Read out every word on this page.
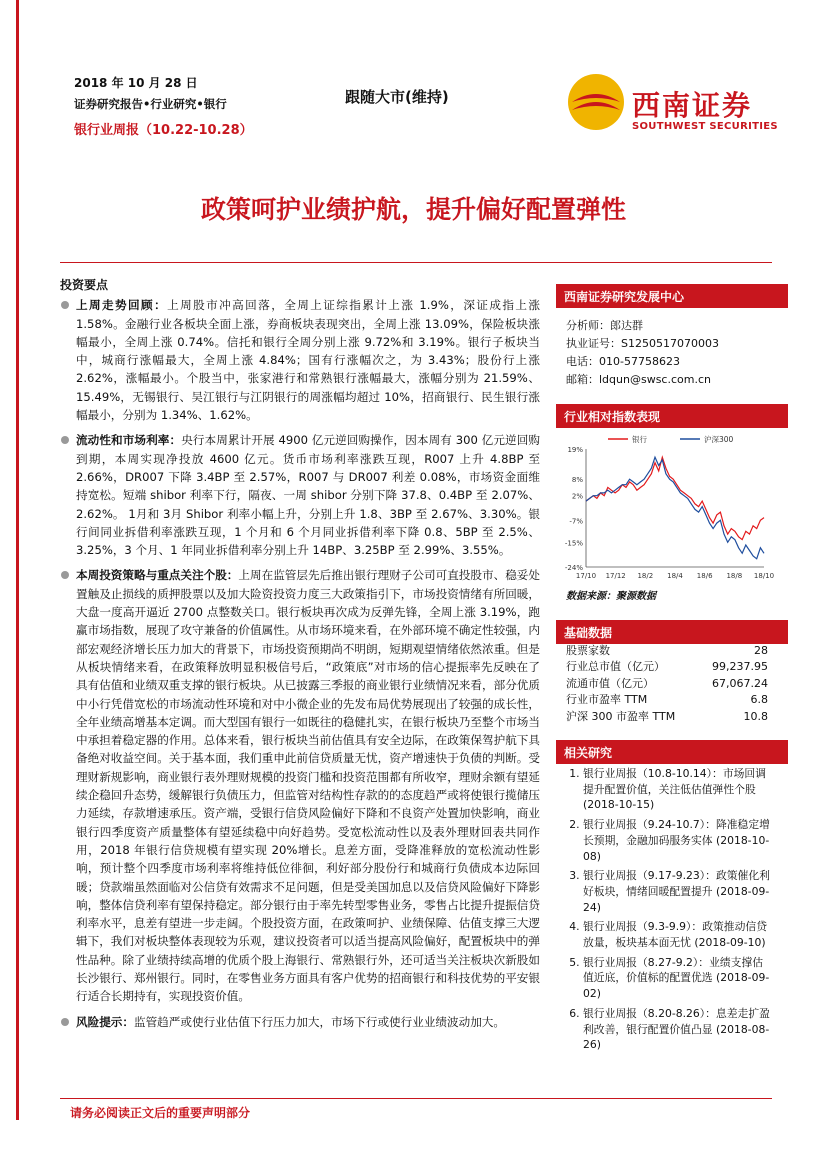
2018 年 10 月 28 日
证券研究报告•行业研究•银行
银行业周报（10.22-10.28）
跟随大市(维持)	西南证券
SOUTHWEST SECURITIES
政策呵护业绩护航，提升偏好配置弹性
投资要点
上周走势回顾：上周股市冲高回落，全周上证综指累计上涨 1.9%，深证成指上涨 1.58%。金融行业各板块全面上涨，券商板块表现突出，全周上涨 13.09%，保险板块涨幅最小，全周上涨 0.74%。信托和银行全周分别上涨 9.72%和 3.19%。银行子板块当中，城商行涨幅最大，全周上涨 4.84%；国有行涨幅次之，为 3.43%；股份行上涨 2.62%，涨幅最小。个股当中，张家港行和常熟银行涨幅最大，涨幅分别为 21.59%、15.49%，无锡银行、吴江银行与江阴银行的周涨幅均超过 10%，招商银行、民生银行涨幅最小，分别为 1.34%、1.62%。
流动性和市场利率：央行本周累计开展 4900 亿元逆回购操作，因本周有 300 亿元逆回购到期，本周实现净投放 4600 亿元。货币市场利率涨跌互现，R007 上升 4.8BP 至 2.66%，DR007 下降 3.4BP 至 2.57%，R007 与 DR007 利差 0.08%，市场资金面维持宽松。短端 shibor 利率下行，隔夜、一周 shibor 分别下降 37.8、0.4BP 至 2.07%、2.62%。 1月和 3月 Shibor 利率小幅上升，分别上升 1.8、3BP 至 2.67%、3.30%。银行间同业拆借利率涨跌互现，1 个月和 6 个月同业拆借利率下降 0.8、5BP 至 2.5%、3.25%，3 个月、1 年同业拆借利率分别上升 14BP、3.25BP 至 2.99%、3.55%。
本周投资策略与重点关注个股：上周在监管层先后推出银行理财子公司可直投股市、稳妥处置触及止损线的质押股票以及加大险资投资力度三大政策指引下，市场投资情绪有所回暖，大盘一度高开逼近 2700 点整数关口。银行板块再次成为反弹先锋，全周上涨 3.19%，跑赢市场指数，展现了攻守兼备的价值属性。从市场环境来看，在外部环境不确定性较强，内部宏观经济增长压力加大的背景下，市场投资预期尚不明朗，短期观望情绪依然浓重。但是从板块情绪来看，在政策释放明显积极信号后，“政策底”对市场的信心提振率先反映在了具有估值和业绩双重支撑的银行板块。从已披露三季报的商业银行业绩情况来看，部分优质中小行凭借宽松的市场流动性环境和对中小微企业的先发布局优势展现出了较强的成长性，全年业绩高增基本定调。而大型国有银行一如既往的稳健扎实，在银行板块乃至整个市场当中承担着稳定器的作用。总体来看，银行板块当前估值具有安全边际，在政策保驾护航下具备绝对收益空间。关于基本面，我们重申此前信贷质量无忧，资产增速快于负债的判断。受理财新规影响，商业银行表外理财规模的投资门槛和投资范围都有所收窄，理财余额有望延续企稳回升态势，缓解银行负债压力，但监管对结构性存款的的态度趋严或将使银行揽储压力延续，存款增速承压。资产端，受银行信贷风险偏好下降和不良资产处置加快影响，商业银行四季度资产质量整体有望延续稳中向好趋势。受宽松流动性以及表外理财回表共同作用，2018 年银行信贷规模有望实现 20%增长。息差方面，受降准释放的宽松流动性影响，预计整个四季度市场利率将维持低位徘徊，利好部分股份行和城商行负债成本边际回暖；贷款端虽然面临对公信贷有效需求不足问题，但是受美国加息以及信贷风险偏好下降影响，整体信贷利率有望保持稳定。部分银行由于率先转型零售业务，零售占比提升提振信贷利率水平，息差有望进一步走阔。个股投资方面，在政策呵护、业绩保障、估值支撑三大逻辑下，我们对板块整体表现较为乐观，建议投资者可以适当提高风险偏好，配置板块中的弹性品种。除了业绩持续高增的优质个股上海银行、常熟银行外，还可适当关注板块次新股如长沙银行、郑州银行。同时，在零售业务方面具有客户优势的招商银行和科技优势的平安银行适合长期持有，实现投资价值。
风险提示：监管趋严或使行业估值下行压力加大，市场下行或使行业业绩波动加大。
西南证券研究发展中心
分析师：郎达群
执业证号：S1250517070003
电话：010-57758623
邮箱：ldqun@swsc.com.cn
行业相对指数表现
银行	沪深300
19%
8%
2%
-7%
-15%
-24%
17/10 17/12 18/2 18/4 18/6 18/8 18/10
数据来源：聚源数据
基础数据
股票家数	28
行业总市值（亿元）	99,237.95
流通市值（亿元）	67,067.24
行业市盈率 TTM	6.8
沪深 300 市盈率 TTM	10.8
相关研究
1. 银行业周报（10.8-10.14）：市场回调提升配置价值，关注低估值弹性个股 (2018-10-15)
2. 银行业周报（9.24-10.7）：降准稳定增长预期，金融加码服务实体 (2018-10-08)
3. 银行业周报（9.17-9.23）：政策催化利好板块，情绪回暖配置提升 (2018-09-24)
4. 银行业周报（9.3-9.9）：政策推动信贷放量，板块基本面无忧 (2018-09-10)
5. 银行业周报（8.27-9.2）：业绩支撑估值近底，价值标的配置优选 (2018-09-02)
6. 银行业周报（8.20-8.26）：息差走扩盈利改善，银行配置价值凸显 (2018-08-26)
请务必阅读正文后的重要声明部分
